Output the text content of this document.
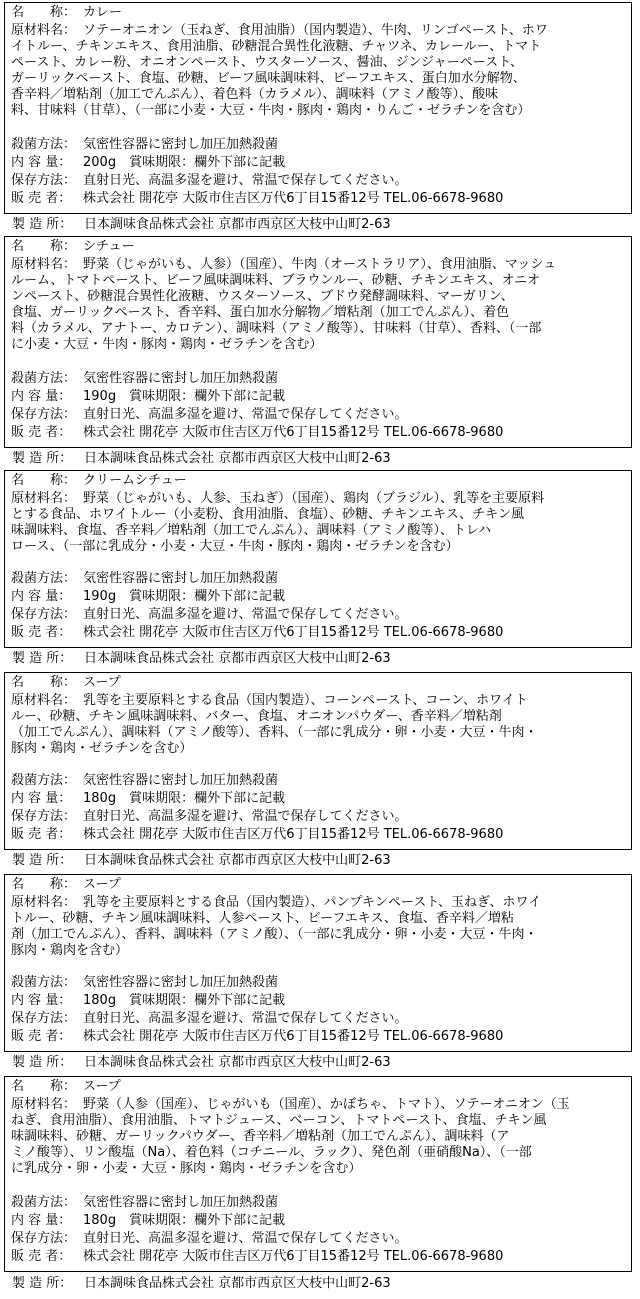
名　　称： カレー
原材料名： ソテーオニオン（玉ねぎ、食用油脂）（国内製造）、牛肉、リンゴペースト、ホワ
イトルー、チキンエキス、食用油脂、砂糖混合異性化液糖、チャツネ、カレールー、トマト
ペースト、カレー粉、オニオンペースト、ウスターソース、醤油、ジンジャーペースト、
ガーリックペースト、食塩、砂糖、ビーフ風味調味料、ビーフエキス、蛋白加水分解物、
香辛料／増粘剤（加工でんぷん）、着色料（カラメル）、調味料（アミノ酸等）、酸味
料、甘味料（甘草）、（一部に小麦・大豆・牛肉・豚肉・鶏肉・りんご・ゼラチンを含む）
殺菌方法： 気密性容器に密封し加圧加熱殺菌
内 容 量： 200g　賞味期限：欄外下部に記載
保存方法： 直射日光、高温多湿を避け、常温で保存してください。
販 売 者： 株式会社 開花亭 大阪市住吉区万代6丁目15番12号 TEL.06-6678-9680
製 造 所： 日本調味食品株式会社 京都市西京区大枝中山町2-63
名　　称： シチュー
原材料名： 野菜（じゃがいも、人参）（国産）、牛肉（オーストラリア）、食用油脂、マッシュ
ルーム、トマトペースト、ビーフ風味調味料、ブラウンルー、砂糖、チキンエキス、オニオ
ンペースト、砂糖混合異性化液糖、ウスターソース、ブドウ発酵調味料、マーガリン、
食塩、ガーリックペースト、香辛料、蛋白加水分解物／増粘剤（加工でんぷん）、着色
料（カラメル、アナトー、カロテン）、調味料（アミノ酸等）、甘味料（甘草）、香料、（一部
に小麦・大豆・牛肉・豚肉・鶏肉・ゼラチンを含む）
殺菌方法： 気密性容器に密封し加圧加熱殺菌
内 容 量： 190g　賞味期限：欄外下部に記載
保存方法： 直射日光、高温多湿を避け、常温で保存してください。
販 売 者： 株式会社 開花亭 大阪市住吉区万代6丁目15番12号 TEL.06-6678-9680
製 造 所： 日本調味食品株式会社 京都市西京区大枝中山町2-63
名　　称： クリームシチュー
原材料名： 野菜（じゃがいも、人参、玉ねぎ）（国産）、鶏肉（ブラジル）、乳等を主要原料
とする食品、ホワイトルー（小麦粉、食用油脂、食塩）、砂糖、チキンエキス、チキン風
味調味料、食塩、香辛料／増粘剤（加工でんぷん）、調味料（アミノ酸等）、トレハ
ロース、（一部に乳成分・小麦・大豆・牛肉・豚肉・鶏肉・ゼラチンを含む）
殺菌方法： 気密性容器に密封し加圧加熱殺菌
内 容 量： 190g　賞味期限：欄外下部に記載
保存方法： 直射日光、高温多湿を避け、常温で保存してください。
販 売 者： 株式会社 開花亭 大阪市住吉区万代6丁目15番12号 TEL.06-6678-9680
製 造 所： 日本調味食品株式会社 京都市西京区大枝中山町2-63
名　　称： スープ
原材料名： 乳等を主要原料とする食品（国内製造）、コーンペースト、コーン、ホワイト
ルー、砂糖、チキン風味調味料、バター、食塩、オニオンパウダー、香辛料／増粘剤
（加工でんぷん）、調味料（アミノ酸等）、香料、（一部に乳成分・卵・小麦・大豆・牛肉・
豚肉・鶏肉・ゼラチンを含む）
殺菌方法： 気密性容器に密封し加圧加熱殺菌
内 容 量： 180g　賞味期限：欄外下部に記載
保存方法： 直射日光、高温多湿を避け、常温で保存してください。
販 売 者： 株式会社 開花亭 大阪市住吉区万代6丁目15番12号 TEL.06-6678-9680
製 造 所： 日本調味食品株式会社 京都市西京区大枝中山町2-63
名　　称： スープ
原材料名： 乳等を主要原料とする食品（国内製造）、パンプキンペースト、玉ねぎ、ホワイ
トルー、砂糖、チキン風味調味料、人参ペースト、ビーフエキス、食塩、香辛料／増粘
剤（加工でんぷん）、香料、調味料（アミノ酸）、（一部に乳成分・卵・小麦・大豆・牛肉・
豚肉・鶏肉を含む）
殺菌方法： 気密性容器に密封し加圧加熱殺菌
内 容 量： 180g　賞味期限：欄外下部に記載
保存方法： 直射日光、高温多湿を避け、常温で保存してください。
販 売 者： 株式会社 開花亭 大阪市住吉区万代6丁目15番12号 TEL.06-6678-9680
製 造 所： 日本調味食品株式会社 京都市西京区大枝中山町2-63
名　　称： スープ
原材料名： 野菜（人参（国産）、じゃがいも（国産）、かぼちゃ、トマト）、ソテーオニオン（玉
ねぎ、食用油脂）、食用油脂、トマトジュース、ベーコン、トマトペースト、食塩、チキン風
味調味料、砂糖、ガーリックパウダー、香辛料／増粘剤（加工でんぷん）、調味料（ア
ミノ酸等）、リン酸塩（Na）、着色料（コチニール、ラック）、発色剤（亜硝酸Na）、（一部
に乳成分・卵・小麦・大豆・豚肉・鶏肉・ゼラチンを含む）
殺菌方法： 気密性容器に密封し加圧加熱殺菌
内 容 量： 180g　賞味期限：欄外下部に記載
保存方法： 直射日光、高温多湿を避け、常温で保存してください。
販 売 者： 株式会社 開花亭 大阪市住吉区万代6丁目15番12号 TEL.06-6678-9680
製 造 所： 日本調味食品株式会社 京都市西京区大枝中山町2-63
